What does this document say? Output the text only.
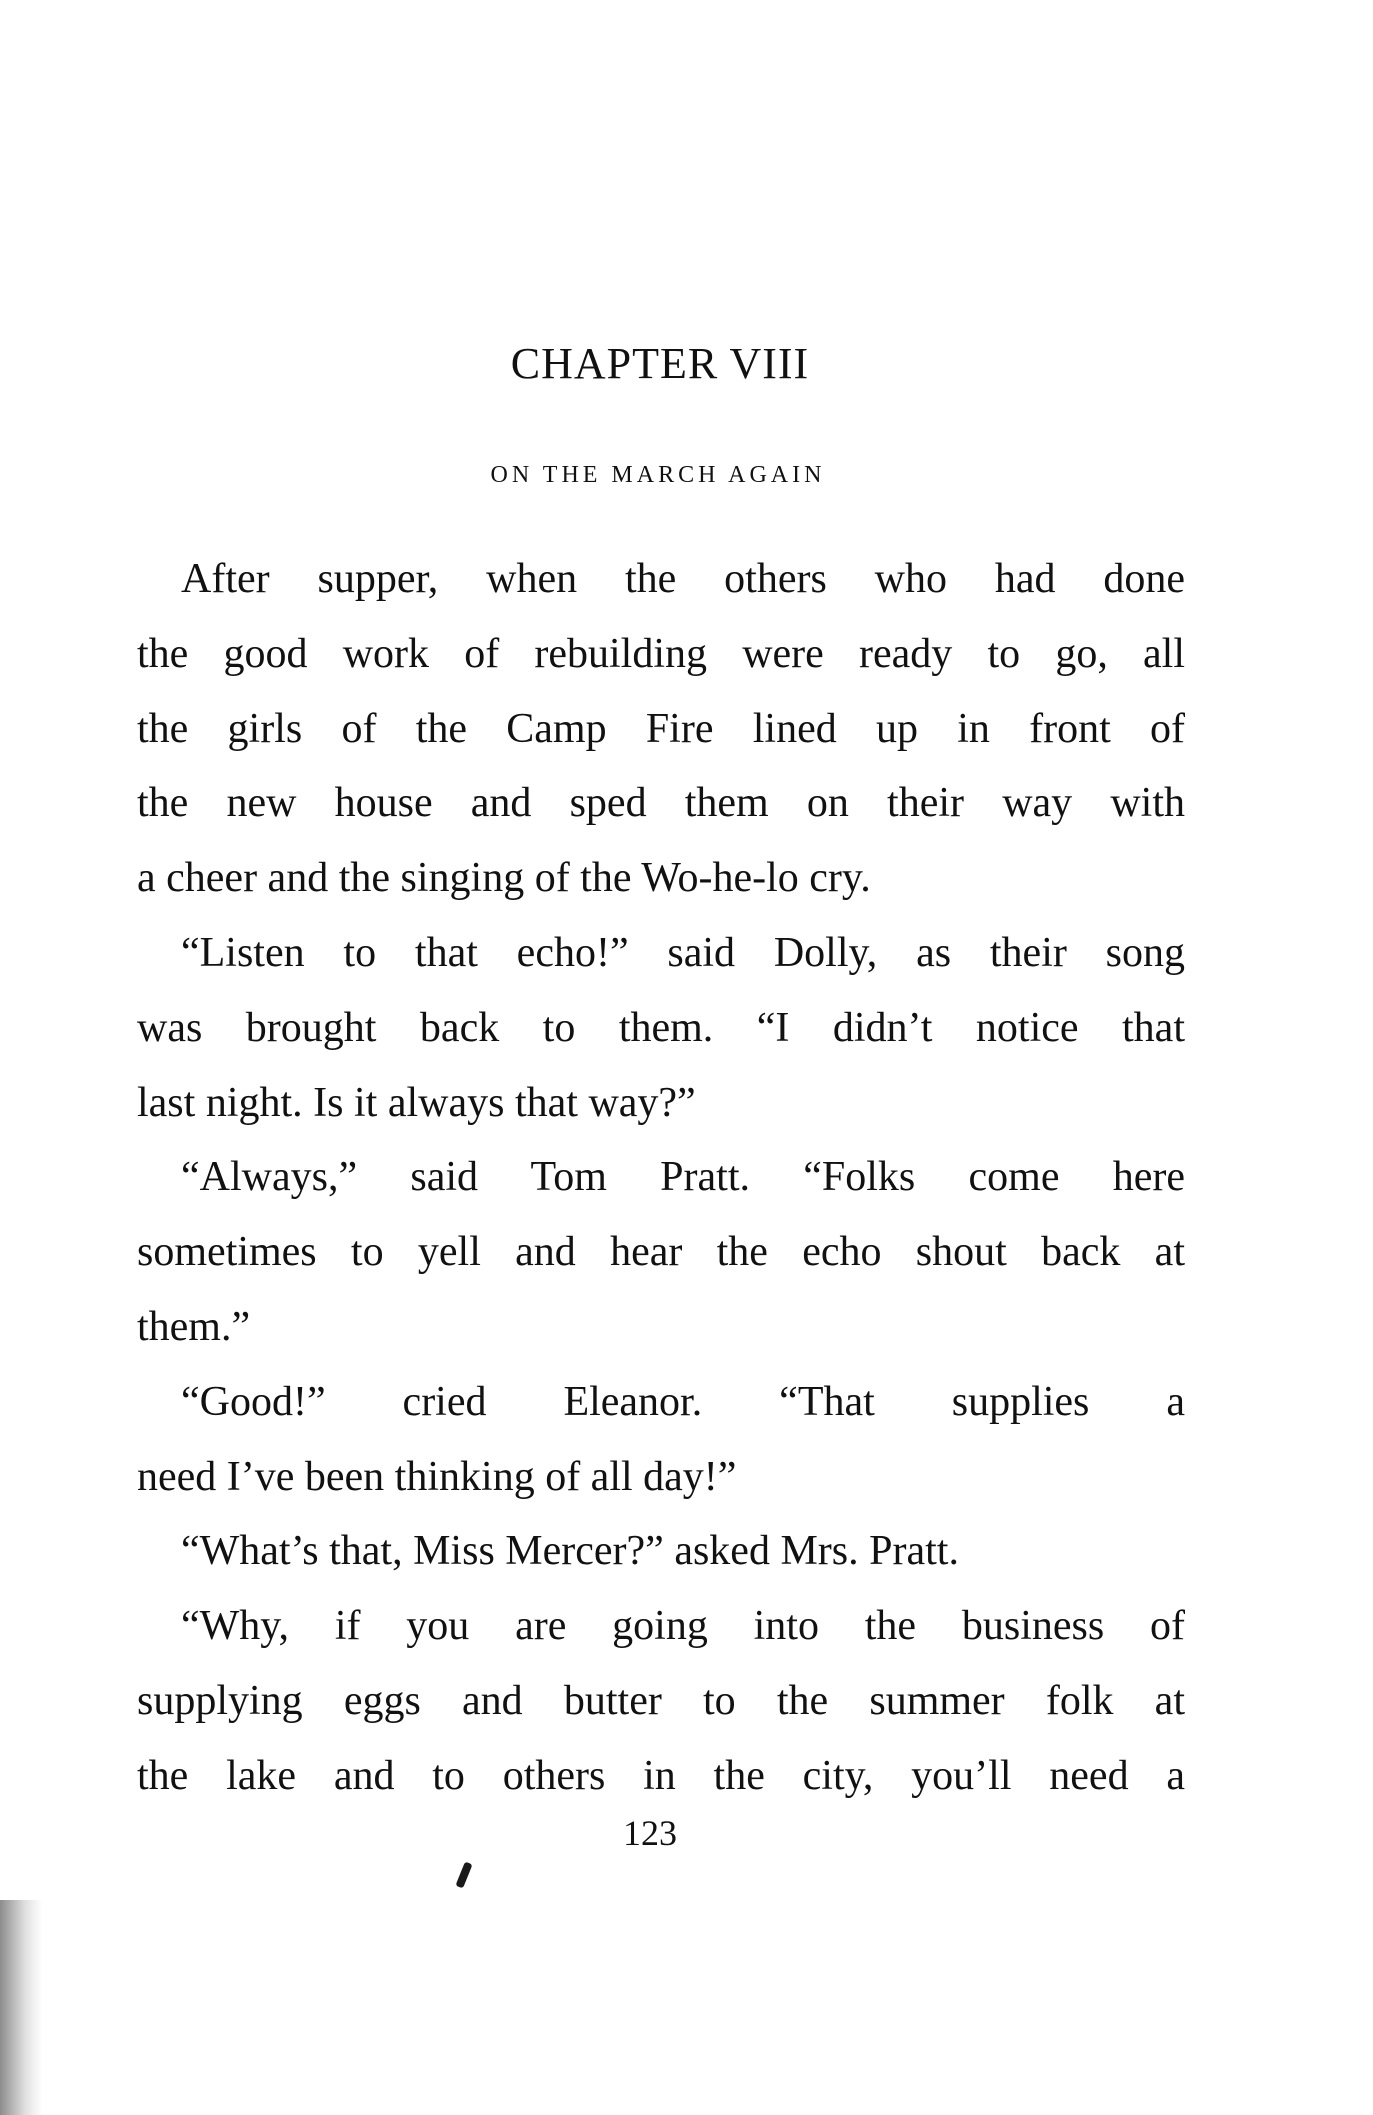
CHAPTER VIII
ON THE MARCH AGAIN
After supper, when the others who had done
the good work of rebuilding were ready to go, all
the girls of the Camp Fire lined up in front of
the new house and sped them on their way with
a cheer and the singing of the Wo-he-lo cry.
“Listen to that echo!” said Dolly, as their song
was brought back to them. “I didn’t notice that
last night. Is it always that way?”
“Always,” said Tom Pratt. “Folks come here
sometimes to yell and hear the echo shout back at
them.”
“Good!” cried Eleanor. “That supplies a
need I’ve been thinking of all day!”
“What’s that, Miss Mercer?” asked Mrs. Pratt.
“Why, if you are going into the business of
supplying eggs and butter to the summer folk at
the lake and to others in the city, you’ll need a
123
